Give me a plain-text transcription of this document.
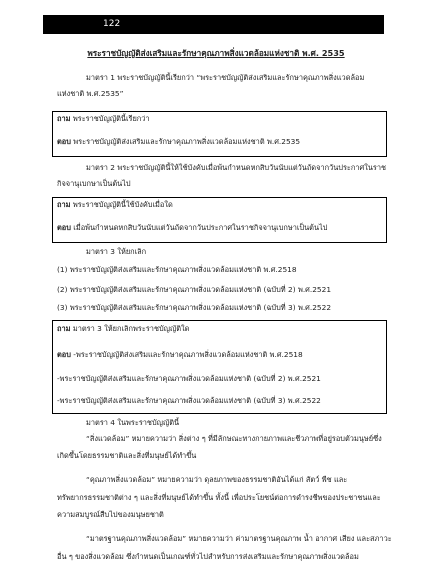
122
พระราชบัญญัติส่งเสริมและรักษาคุณภาพสิ่งแวดล้อมแห่งชาติ พ.ศ. 2535
มาตรา 1 พระราชบัญญัตินี้เรียกว่า “พระราชบัญญัติส่งเสริมและรักษาคุณภาพสิ่งแวดล้อม
แห่งชาติ พ.ศ.2535”
ถาม พระราชบัญญัตินี้เรียกว่า
ตอบ พระราชบัญญัติส่งเสริมและรักษาคุณภาพสิ่งแวดล้อมแห่งชาติ พ.ศ.2535
มาตรา 2 พระราชบัญญัตินี้ให้ใช้บังคับเมื่อพ้นกำหนดหกสิบวันนับแต่วันถัดจากวันประกาศในราช
กิจจานุเบกษาเป็นต้นไป
ถาม พระราชบัญญัตินี้ใช้บังคับเมื่อใด
ตอบ เมื่อพ้นกำหนดหกสิบวันนับแต่วันถัดจากวันประกาศในราชกิจจานุเบกษาเป็นต้นไป
มาตรา 3 ให้ยกเลิก
(1) พระราชบัญญัติส่งเสริมและรักษาคุณภาพสิ่งแวดล้อมแห่งชาติ พ.ศ.2518
(2) พระราชบัญญัติส่งเสริมและรักษาคุณภาพสิ่งแวดล้อมแห่งชาติ (ฉบับที่ 2) พ.ศ.2521
(3) พระราชบัญญัติส่งเสริมและรักษาคุณภาพสิ่งแวดล้อมแห่งชาติ (ฉบับที่ 3) พ.ศ.2522
ถาม มาตรา 3 ให้ยกเลิกพระราชบัญญัติใด
ตอบ -พระราชบัญญัติส่งเสริมและรักษาคุณภาพสิ่งแวดล้อมแห่งชาติ พ.ศ.2518
-พระราชบัญญัติส่งเสริมและรักษาคุณภาพสิ่งแวดล้อมแห่งชาติ (ฉบับที่ 2) พ.ศ.2521
-พระราชบัญญัติส่งเสริมและรักษาคุณภาพสิ่งแวดล้อมแห่งชาติ (ฉบับที่ 3) พ.ศ.2522
มาตรา 4 ในพระราชบัญญัตินี้
“สิ่งแวดล้อม” หมายความว่า สิ่งต่าง ๆ ที่มีลักษณะทางกายภาพและชีวภาพที่อยู่รอบตัวมนุษย์ซึ่ง
เกิดขึ้นโดยธรรมชาติและสิ่งที่มนุษย์ได้ทำขึ้น
“คุณภาพสิ่งแวดล้อม” หมายความว่า ดุลยภาพของธรรมชาติอันได้แก่ สัตว์ พืช และ
ทรัพยากรธรรมชาติต่าง ๆ และสิ่งที่มนุษย์ได้ทำขึ้น ทั้งนี้ เพื่อประโยชน์ต่อการดำรงชีพของประชาชนและ
ความสมบูรณ์สืบไปของมนุษยชาติ
“มาตรฐานคุณภาพสิ่งแวดล้อม” หมายความว่า ค่ามาตรฐานคุณภาพ น้ำ อากาศ เสียง และสภาวะ
อื่น ๆ ของสิ่งแวดล้อม ซึ่งกำหนดเป็นเกณฑ์ทั่วไปสำหรับการส่งเสริมและรักษาคุณภาพสิ่งแวดล้อม
